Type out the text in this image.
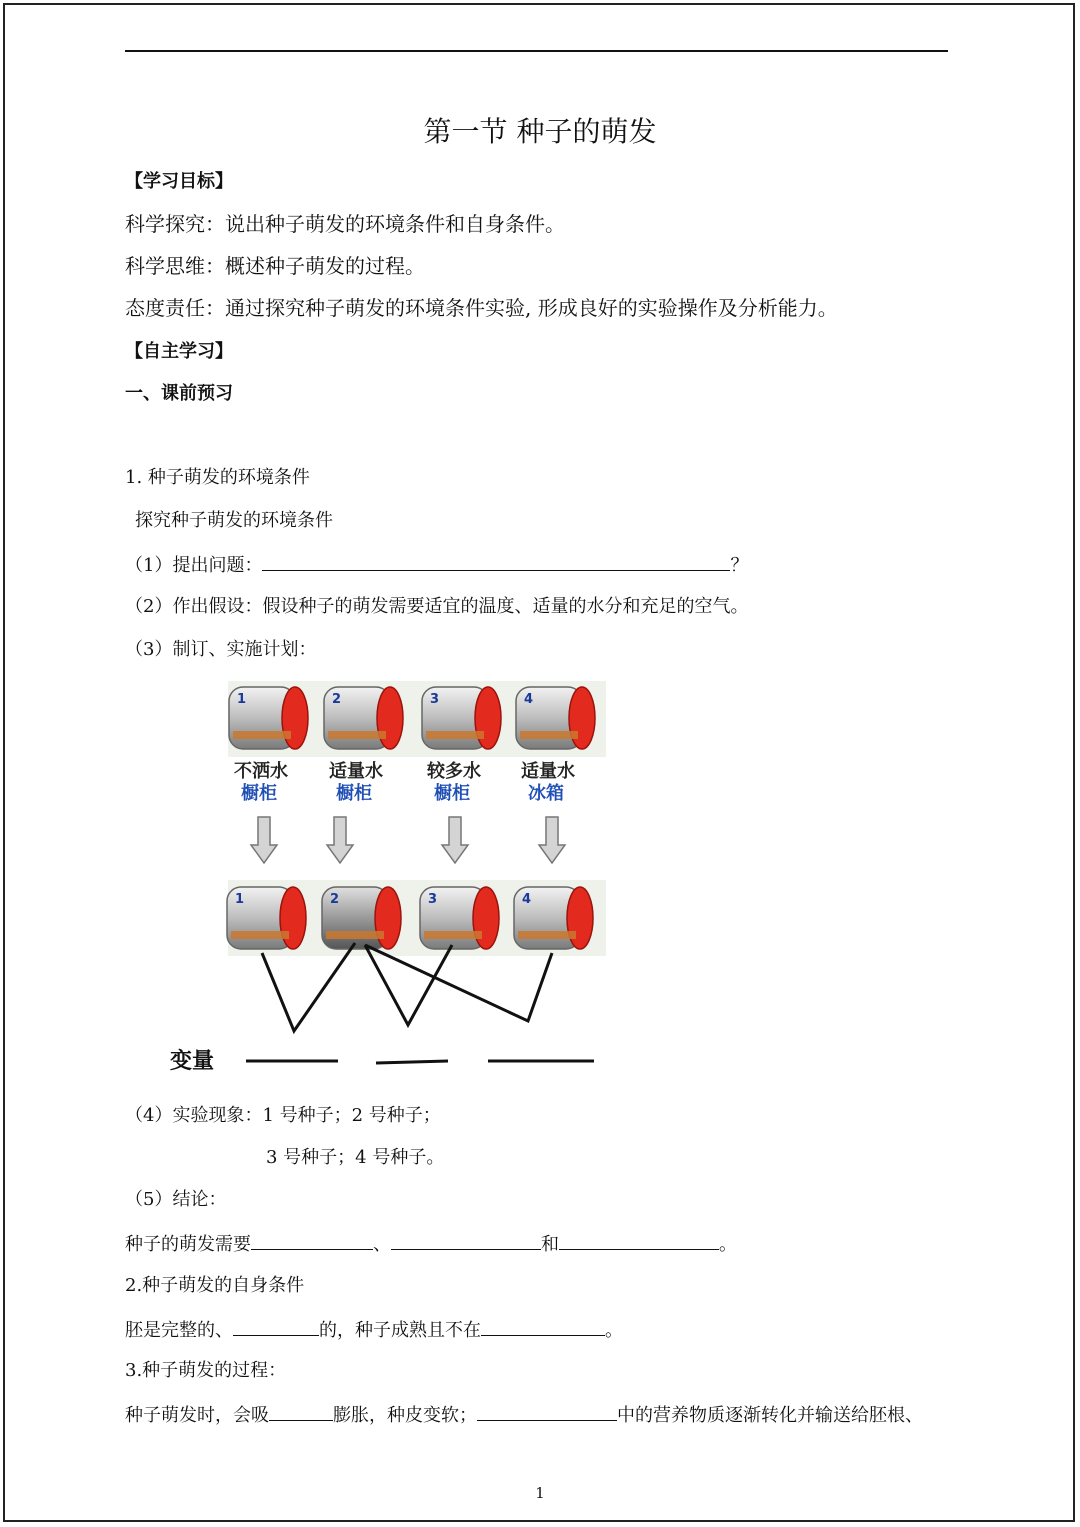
第一节 种子的萌发
【学习目标】
科学探究：说出种子萌发的环境条件和自身条件。
科学思维：概述种子萌发的过程。
态度责任：通过探究种子萌发的环境条件实验, 形成良好的实验操作及分析能力。
【自主学习】
一、课前预习
1. 种子萌发的环境条件
探究种子萌发的环境条件
（1）提出问题：	？
（2）作出假设：假设种子的萌发需要适宜的温度、适量的水分和充足的空气。
（3）制订、实施计划：
1	2	3	4
不洒水
橱柜
适量水
橱柜
较多水
橱柜
适量水
冰箱
1	2	3	4
变量
（4）实验现象：1 号种子；2 号种子；
3 号种子；4 号种子。
（5）结论：
种子的萌发需要	、	和	。
2.种子萌发的自身条件
胚是完整的、	的，种子成熟且不在	。
3.种子萌发的过程：
种子萌发时，会吸	膨胀，种皮变软；	中的营养物质逐渐转化并输送给胚根、
1
